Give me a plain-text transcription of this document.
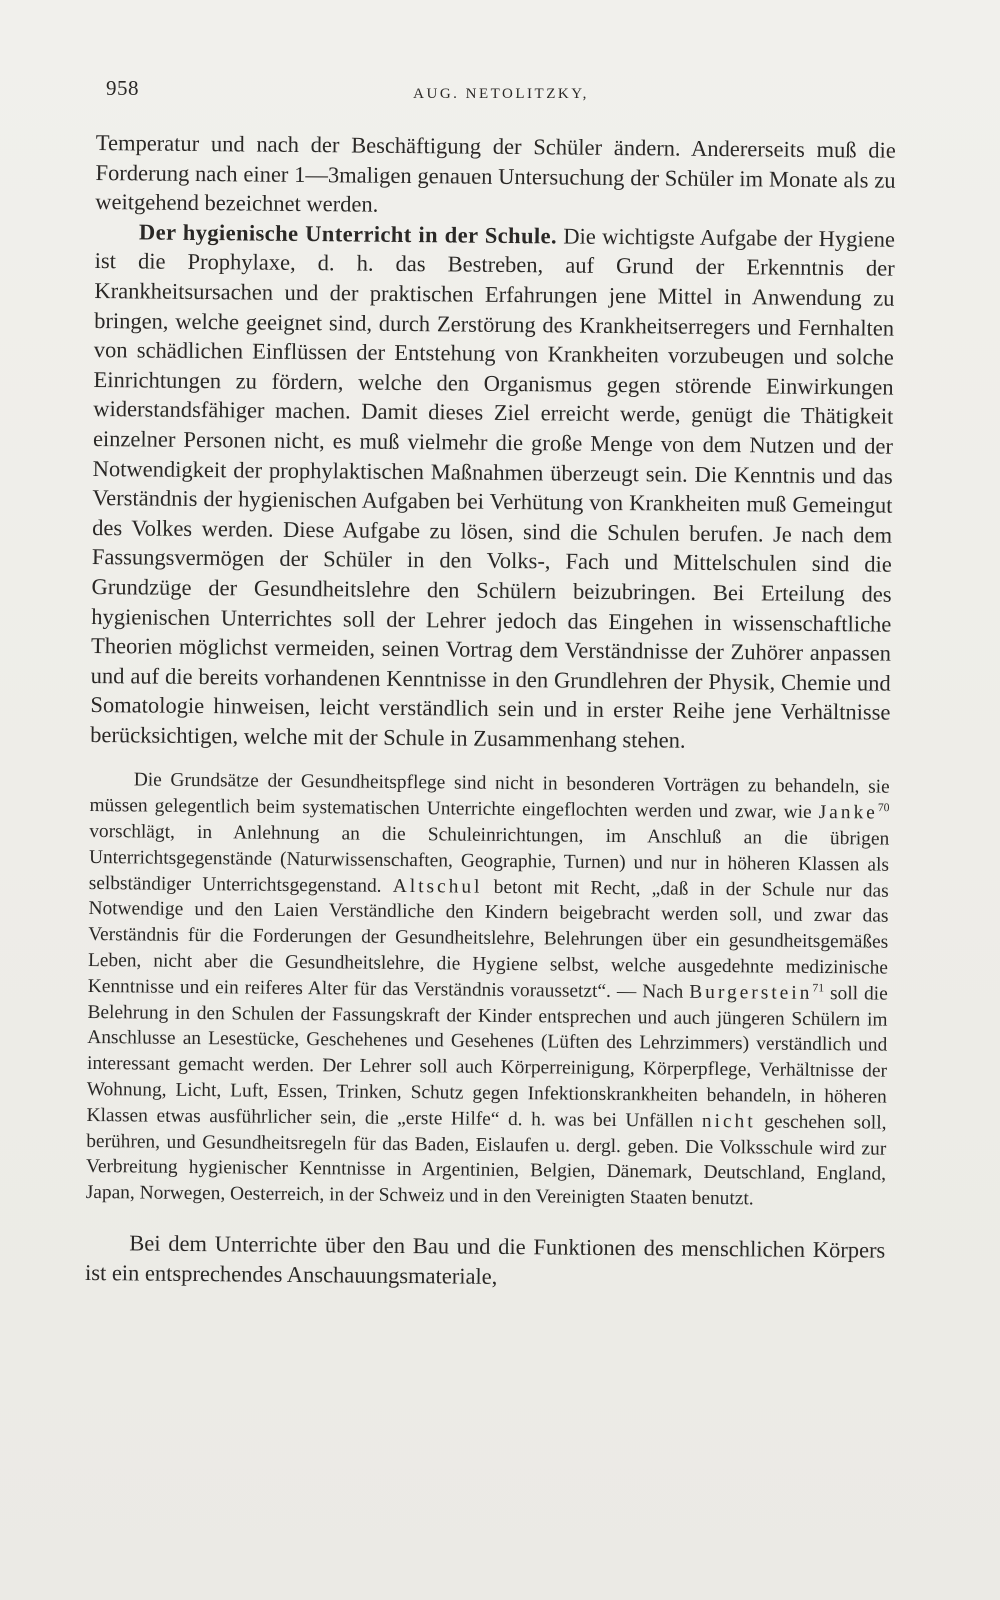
958	AUG. NETOLITZKY,

Temperatur und nach der Beschäftigung der Schüler ändern. Andererseits muß die Forderung nach einer 1—3maligen genauen Untersuchung der Schüler im Monate als zu weitgehend bezeichnet werden.

Der hygienische Unterricht in der Schule. Die wichtigste Aufgabe der Hygiene ist die Prophylaxe, d. h. das Bestreben, auf Grund der Erkenntnis der Krankheitsursachen und der praktischen Erfahrungen jene Mittel in Anwendung zu bringen, welche geeignet sind, durch Zerstörung des Krankheitserregers und Fernhalten von schädlichen Einflüssen der Entstehung von Krankheiten vorzubeugen und solche Einrichtungen zu fördern, welche den Organismus gegen störende Einwirkungen widerstandsfähiger machen. Damit dieses Ziel erreicht werde, genügt die Thätigkeit einzelner Personen nicht, es muß vielmehr die große Menge von dem Nutzen und der Notwendigkeit der prophylaktischen Maßnahmen überzeugt sein. Die Kenntnis und das Verständnis der hygienischen Aufgaben bei Verhütung von Krankheiten muß Gemeingut des Volkes werden. Diese Aufgabe zu lösen, sind die Schulen berufen. Je nach dem Fassungsvermögen der Schüler in den Volks-, Fach und Mittelschulen sind die Grundzüge der Gesundheitslehre den Schülern beizubringen. Bei Erteilung des hygienischen Unterrichtes soll der Lehrer jedoch das Eingehen in wissenschaftliche Theorien möglichst vermeiden, seinen Vortrag dem Verständnisse der Zuhörer anpassen und auf die bereits vorhandenen Kenntnisse in den Grundlehren der Physik, Chemie und Somatologie hinweisen, leicht verständlich sein und in erster Reihe jene Verhältnisse berücksichtigen, welche mit der Schule in Zusammenhang stehen.

Die Grundsätze der Gesundheitspflege sind nicht in besonderen Vorträgen zu behandeln, sie müssen gelegentlich beim systematischen Unterrichte eingeflochten werden und zwar, wie Janke$^{70}$ vorschlägt, in Anlehnung an die Schuleinrichtungen, im Anschluß an die übrigen Unterrichtsgegenstände (Naturwissenschaften, Geographie, Turnen) und nur in höheren Klassen als selbständiger Unterrichtsgegenstand. Altschul betont mit Recht, „daß in der Schule nur das Notwendige und den Laien Verständliche den Kindern beigebracht werden soll, und zwar das Verständnis für die Forderungen der Gesundheitslehre, Belehrungen über ein gesundheitsgemäßes Leben, nicht aber die Gesundheitslehre, die Hygiene selbst, welche ausgedehnte medizinische Kenntnisse und ein reiferes Alter für das Verständnis voraussetzt“. — Nach Burgerstein$^{71}$ soll die Belehrung in den Schulen der Fassungskraft der Kinder entsprechen und auch jüngeren Schülern im Anschlusse an Lesestücke, Geschehenes und Gesehenes (Lüften des Lehrzimmers) verständlich und interessant gemacht werden. Der Lehrer soll auch Körperreinigung, Körperpflege, Verhältnisse der Wohnung, Licht, Luft, Essen, Trinken, Schutz gegen Infektionskrankheiten behandeln, in höheren Klassen etwas ausführlicher sein, die „erste Hilfe“ d. h. was bei Unfällen nicht geschehen soll, berühren, und Gesundheitsregeln für das Baden, Eislaufen u. dergl. geben. Die Volksschule wird zur Verbreitung hygienischer Kenntnisse in Argentinien, Belgien, Dänemark, Deutschland, England, Japan, Norwegen, Oesterreich, in der Schweiz und in den Vereinigten Staaten benutzt.

Bei dem Unterrichte über den Bau und die Funktionen des menschlichen Körpers ist ein entsprechendes Anschauungsmateriale,
